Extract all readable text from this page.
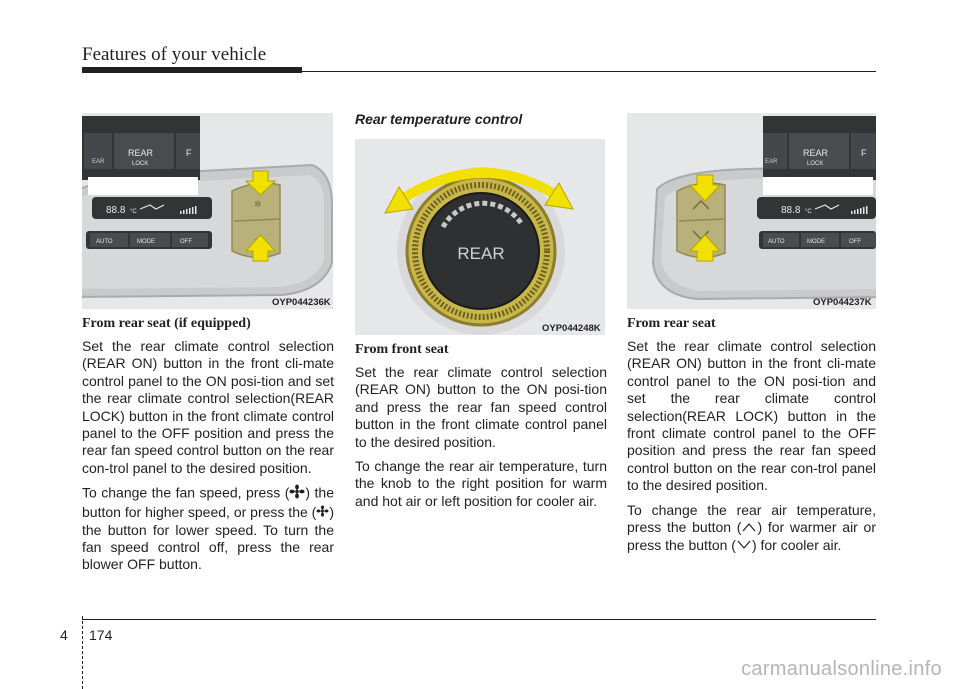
Features of your vehicle
EAR
REAR
LOCK
F
88.8 °C
AUTO	MODE	OFF
✲
OYP044236K
From rear seat (if equipped)

Set the rear climate control selection (REAR ON) button in the front cli-mate control panel to the ON posi-tion and set the rear climate control selection(REAR LOCK) button in the front climate control panel to the OFF position and press the rear fan speed control button on the rear con-trol panel to the desired position.

To change the fan speed, press ( ) the button for higher speed, or press the ( ) the button for lower speed. To turn the fan speed control off, press the rear blower OFF button.

Rear temperature control
REAR
OYP044248K
From front seat

Set the rear climate control selection (REAR ON) button to the ON posi-tion and press the rear fan speed control button in the front climate control panel to the desired position.

To change the rear air temperature, turn the knob to the right position for warm and hot air or left position for cooler air.

EAR
REAR
LOCK
F
88.8 °C
AUTO	MODE	OFF
OYP044237K
From rear seat

Set the rear climate control selection (REAR ON) button in the front cli-mate control panel to the ON posi-tion and set the rear climate control selection(REAR LOCK) button in the front climate control panel to the OFF position and press the rear fan speed control button on the rear con-trol panel to the desired position.

To change the rear air temperature, press the button ( ) for warmer air or press the button ( ) for cooler air.

4 174
carmanualsonline.info
